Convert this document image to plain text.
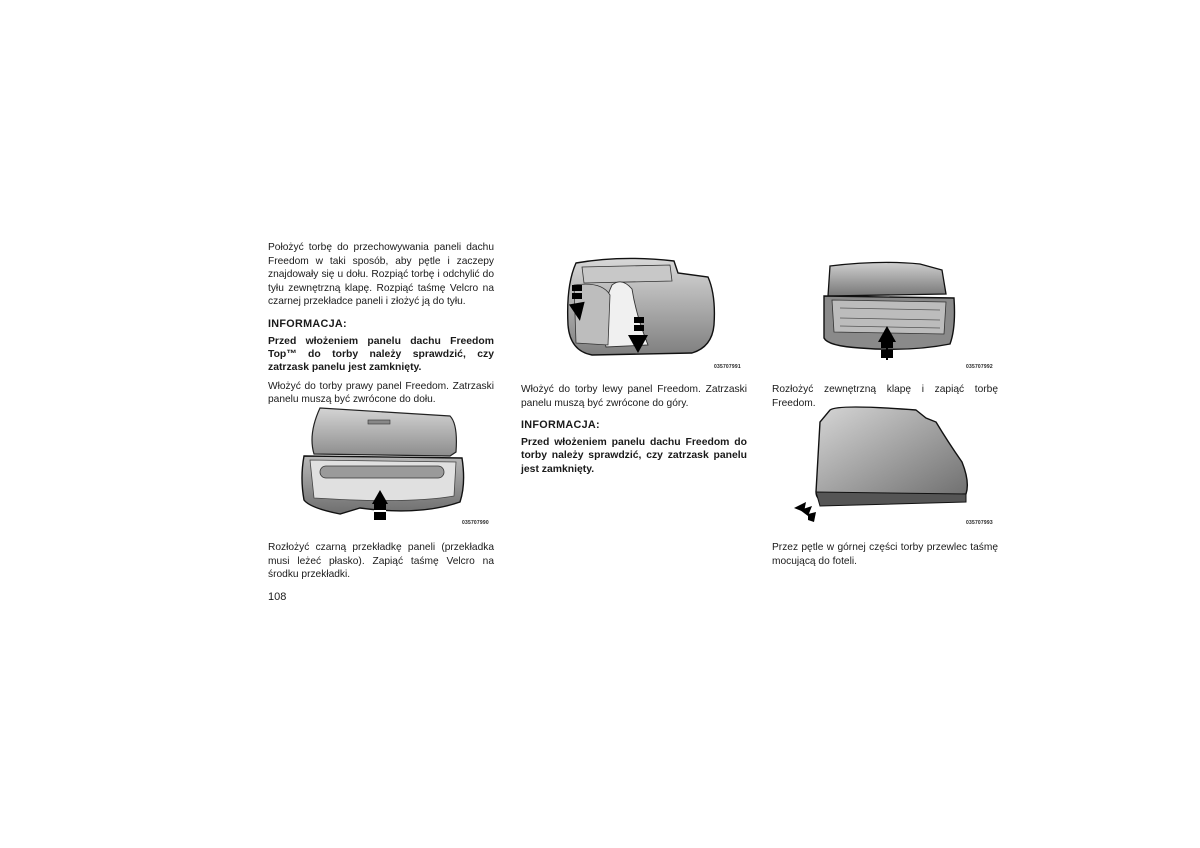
Położyć torbę do przechowywania paneli dachu Freedom w taki sposób, aby pętle i zaczepy znajdowały się u dołu. Rozpiąć torbę i odchylić do tyłu zewnętrzną klapę. Rozpiąć taśmę Velcro na czarnej przekładce paneli i złożyć ją do tyłu.

INFORMACJA:
Przed włożeniem panelu dachu Freedom Top™ do torby należy sprawdzić, czy zatrzask panelu jest zamknięty.

Włożyć do torby prawy panel Freedom. Zatrzaski panelu muszą być zwrócone do dołu.

035707990

Rozłożyć czarną przekładkę paneli (przekładka musi leżeć płasko). Zapiąć taśmę Velcro na środku przekładki.

035707991

Włożyć do torby lewy panel Freedom. Zatrzaski panelu muszą być zwrócone do góry.

INFORMACJA:
Przed włożeniem panelu dachu Freedom do torby należy sprawdzić, czy zatrzask panelu jest zamknięty.
035707992

Rozłożyć zewnętrzną klapę i zapiąć torbę Freedom.

035707993

Przez pętle w górnej części torby przewlec taśmę mocującą do foteli.

108
